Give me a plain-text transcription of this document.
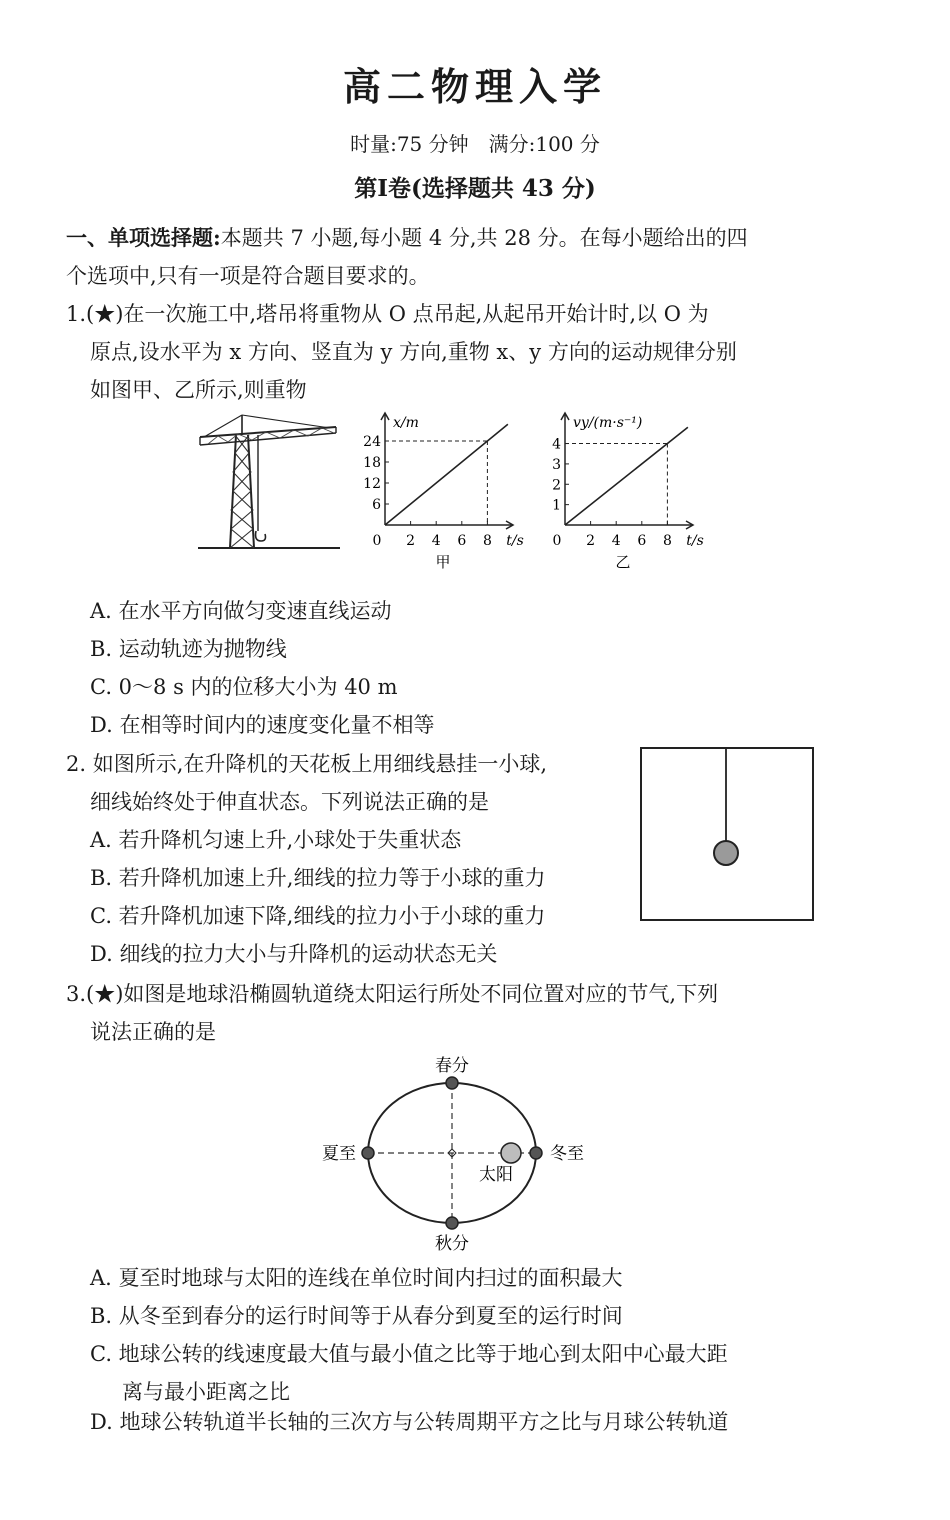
高二物理入学
时量:75 分钟　满分:100 分
第Ⅰ卷(选择题共 43 分)
一、单项选择题:本题共 7 小题,每小题 4 分,共 28 分。在每小题给出的四
个选项中,只有一项是符合题目要求的。
1.(★)在一次施工中,塔吊将重物从 O 点吊起,从起吊开始计时,以 O 为
原点,设水平为 x 方向、竖直为 y 方向,重物 x、y 方向的运动规律分别
如图甲、乙所示,则重物
6
12
18
24
0 2 4 6 8
x/m
t/s
甲
1
2
3
4
0 2 4 6 8
vy/(m·s⁻¹)
t/s
乙
A. 在水平方向做匀变速直线运动
B. 运动轨迹为抛物线
C. 0～8 s 内的位移大小为 40 m
D. 在相等时间内的速度变化量不相等
2. 如图所示,在升降机的天花板上用细线悬挂一小球,
细线始终处于伸直状态。下列说法正确的是
A. 若升降机匀速上升,小球处于失重状态
B. 若升降机加速上升,细线的拉力等于小球的重力
C. 若升降机加速下降,细线的拉力小于小球的重力
D. 细线的拉力大小与升降机的运动状态无关
3.(★)如图是地球沿椭圆轨道绕太阳运行所处不同位置对应的节气,下列
说法正确的是
春分
秋分
夏至	冬至
太阳
A. 夏至时地球与太阳的连线在单位时间内扫过的面积最大
B. 从冬至到春分的运行时间等于从春分到夏至的运行时间
C. 地球公转的线速度最大值与最小值之比等于地心到太阳中心最大距
离与最小距离之比
D. 地球公转轨道半长轴的三次方与公转周期平方之比与月球公转轨道
